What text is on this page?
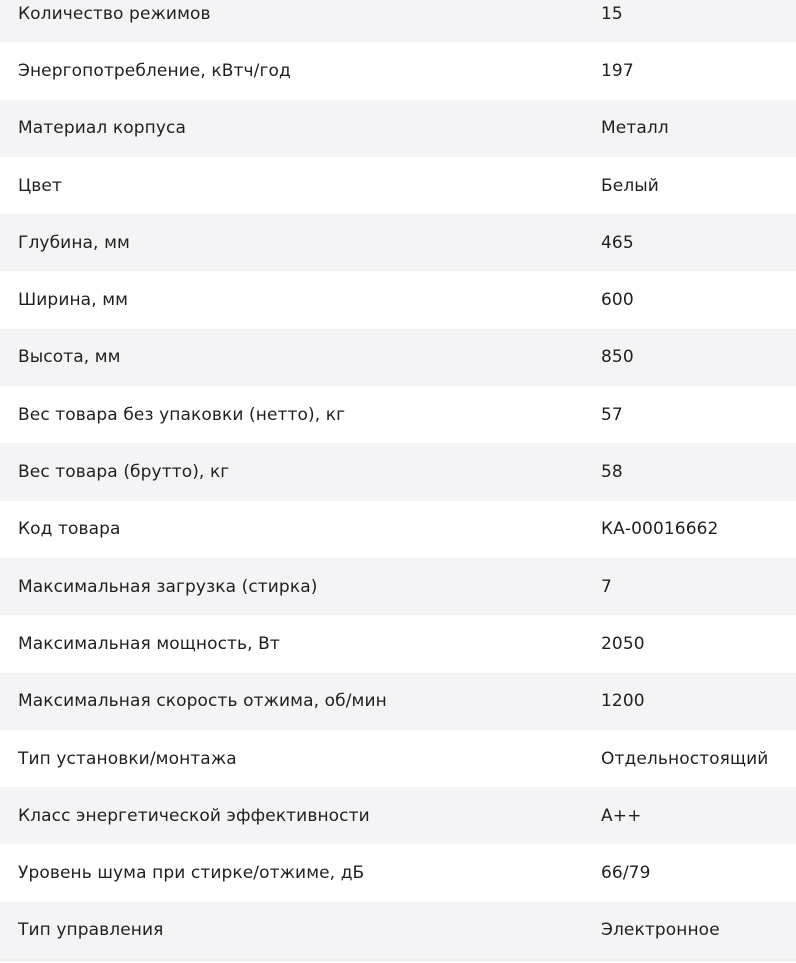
Количество режимов	15
Энергопотребление, кВтч/год	197
Материал корпуса	Металл
Цвет	Белый
Глубина, мм	465
Ширина, мм	600
Высота, мм	850
Вес товара без упаковки (нетто), кг	57
Вес товара (брутто), кг	58
Код товара	КА-00016662
Максимальная загрузка (стирка)	7
Максимальная мощность, Вт	2050
Максимальная скорость отжима, об/мин	1200
Тип установки/монтажа	Отдельностоящий
Класс энергетической эффективности	A++
Уровень шума при стирке/отжиме, дБ	66/79
Тип управления	Электронное
